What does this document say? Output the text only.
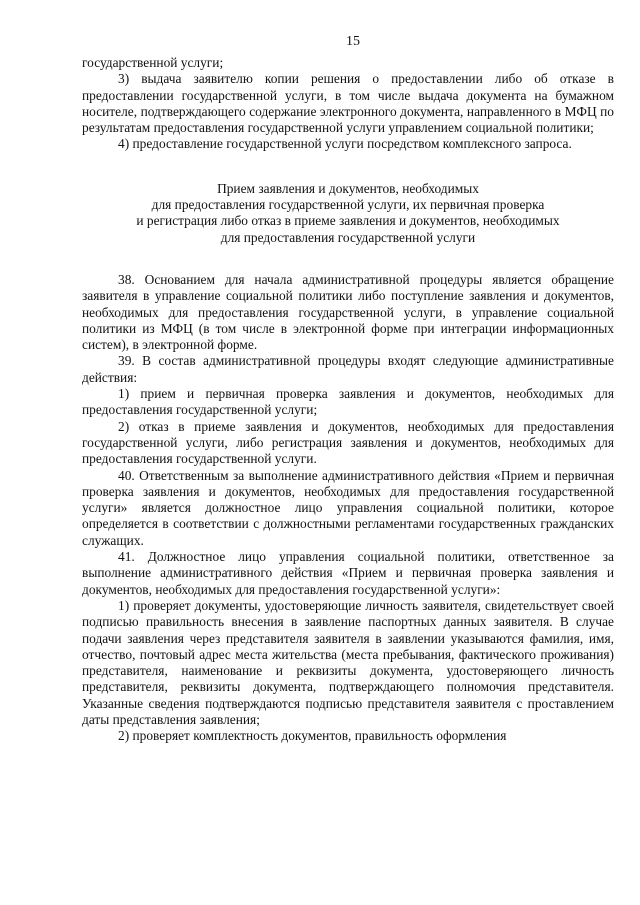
15

государственной услуги;

3) выдача заявителю копии решения о предоставлении либо об отказе в предоставлении государственной услуги, в том числе выдача документа на бумажном носителе, подтверждающего содержание электронного документа, направленного в МФЦ по результатам предоставления государственной услуги управлением социальной политики;

4) предоставление государственной услуги посредством комплексного запроса.

Прием заявления и документов, необходимых
для предоставления государственной услуги, их первичная проверка
и регистрация либо отказ в приеме заявления и документов, необходимых
для предоставления государственной услуги

38. Основанием для начала административной процедуры является обращение заявителя в управление социальной политики либо поступление заявления и документов, необходимых для предоставления государственной услуги, в управление социальной политики из МФЦ (в том числе в электронной форме при интеграции информационных систем), в электронной форме.

39. В состав административной процедуры входят следующие административные действия:

1) прием и первичная проверка заявления и документов, необходимых для предоставления государственной услуги;

2) отказ в приеме заявления и документов, необходимых для предоставления государственной услуги, либо регистрация заявления и документов, необходимых для предоставления государственной услуги.

40. Ответственным за выполнение административного действия «Прием и первичная проверка заявления и документов, необходимых для предоставления государственной услуги» является должностное лицо управления социальной политики, которое определяется в соответствии с должностными регламентами государственных гражданских служащих.

41. Должностное лицо управления социальной политики, ответственное за выполнение административного действия «Прием и первичная проверка заявления и документов, необходимых для предоставления государственной услуги»:

1) проверяет документы, удостоверяющие личность заявителя, свидетельствует своей подписью правильность внесения в заявление паспортных данных заявителя. В случае подачи заявления через представителя заявителя в заявлении указываются фамилия, имя, отчество, почтовый адрес места жительства (места пребывания, фактического проживания) представителя, наименование и реквизиты документа, удостоверяющего личность представителя, реквизиты документа, подтверждающего полномочия представителя. Указанные сведения подтверждаются подписью представителя заявителя с проставлением даты представления заявления;

2) проверяет комплектность документов, правильность оформления
